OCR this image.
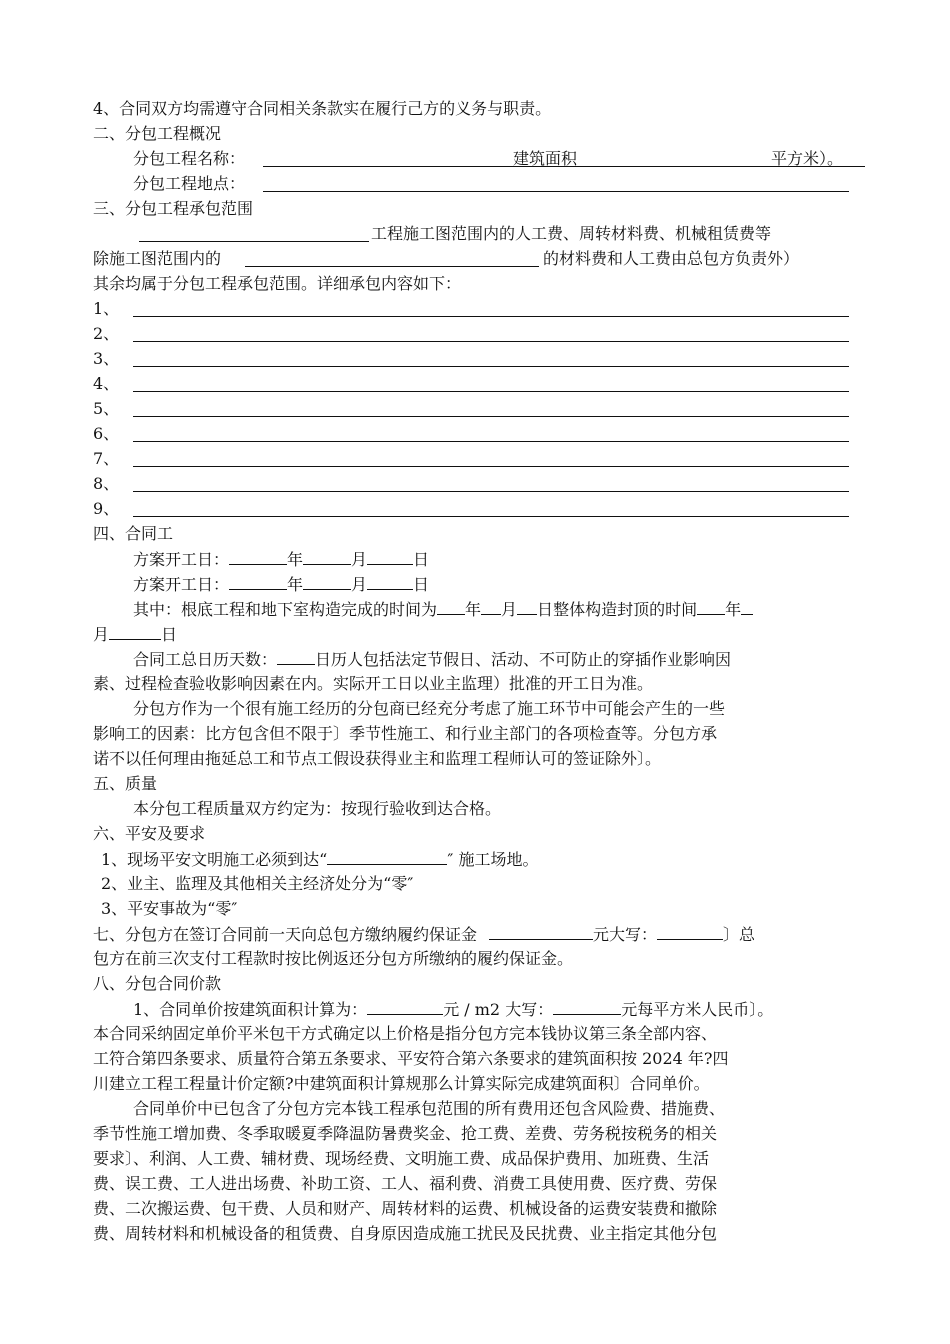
4、合同双方均需遵守合同相关条款实在履行己方的义务与职责。
二、分包工程概况
分包工程名称：	建筑面积	平方米）。
分包工程地点：
三、分包工程承包范围
工程施工图范围内的人工费、周转材料费、机械租赁费等
除施工图范围内的	的材料费和人工费由总包方负责外）
其余均属于分包工程承包范围。详细承包内容如下：
1、
2、
3、
4、
5、
6、
7、
8、
9、
四、合同工
方案开工日：	年	月	日
方案开工日：	年	月	日
其中：根底工程和地下室构造完成的时间为 年 月 日整体构造封顶的时间 年
月	日
合同工总日历天数： 日历人包括法定节假日、活动、不可防止的穿插作业影响因
素、过程检查验收影响因素在内。实际开工日以业主监理）批准的开工日为准。
分包方作为一个很有施工经历的分包商已经充分考虑了施工环节中可能会产生的一些
影响工的因素：比方包含但不限于〕季节性施工、和行业主部门的各项检查等。分包方承
诺不以任何理由拖延总工和节点工假设获得业主和监理工程师认可的签证除外〕。
五、质量
本分包工程质量双方约定为：按现行验收到达合格。
六、平安及要求
1、现场平安文明施工必须到达“	″ 施工场地。
2、业主、监理及其他相关主经济处分为“零″
3、平安事故为“零″
七、分包方在签订合同前一天向总包方缴纳履约保证金	元大写：	〕总
包方在前三次支付工程款时按比例返还分包方所缴纳的履约保证金。
八、分包合同价款
1、合同单价按建筑面积计算为：	元 / m2 大写：	元每平方米人民币〕。
本合同采纳固定单价平米包干方式确定以上价格是指分包方完本钱协议第三条全部内容、
工符合第四条要求、质量符合第五条要求、平安符合第六条要求的建筑面积按 2024 年?四
川建立工程工程量计价定额?中建筑面积计算规那么计算实际完成建筑面积〕合同单价。
合同单价中已包含了分包方完本钱工程承包范围的所有费用还包含风险费、措施费、
季节性施工增加费、冬季取暖夏季降温防暑费奖金、抢工费、差费、劳务税按税务的相关
要求〕、利润、人工费、辅材费、现场经费、文明施工费、成品保护费用、加班费、生活
费、误工费、工人进出场费、补助工资、工人、福利费、消费工具使用费、医疗费、劳保
费、二次搬运费、包干费、人员和财产、周转材料的运费、机械设备的运费安装费和撤除
费、周转材料和机械设备的租赁费、自身原因造成施工扰民及民扰费、业主指定其他分包
